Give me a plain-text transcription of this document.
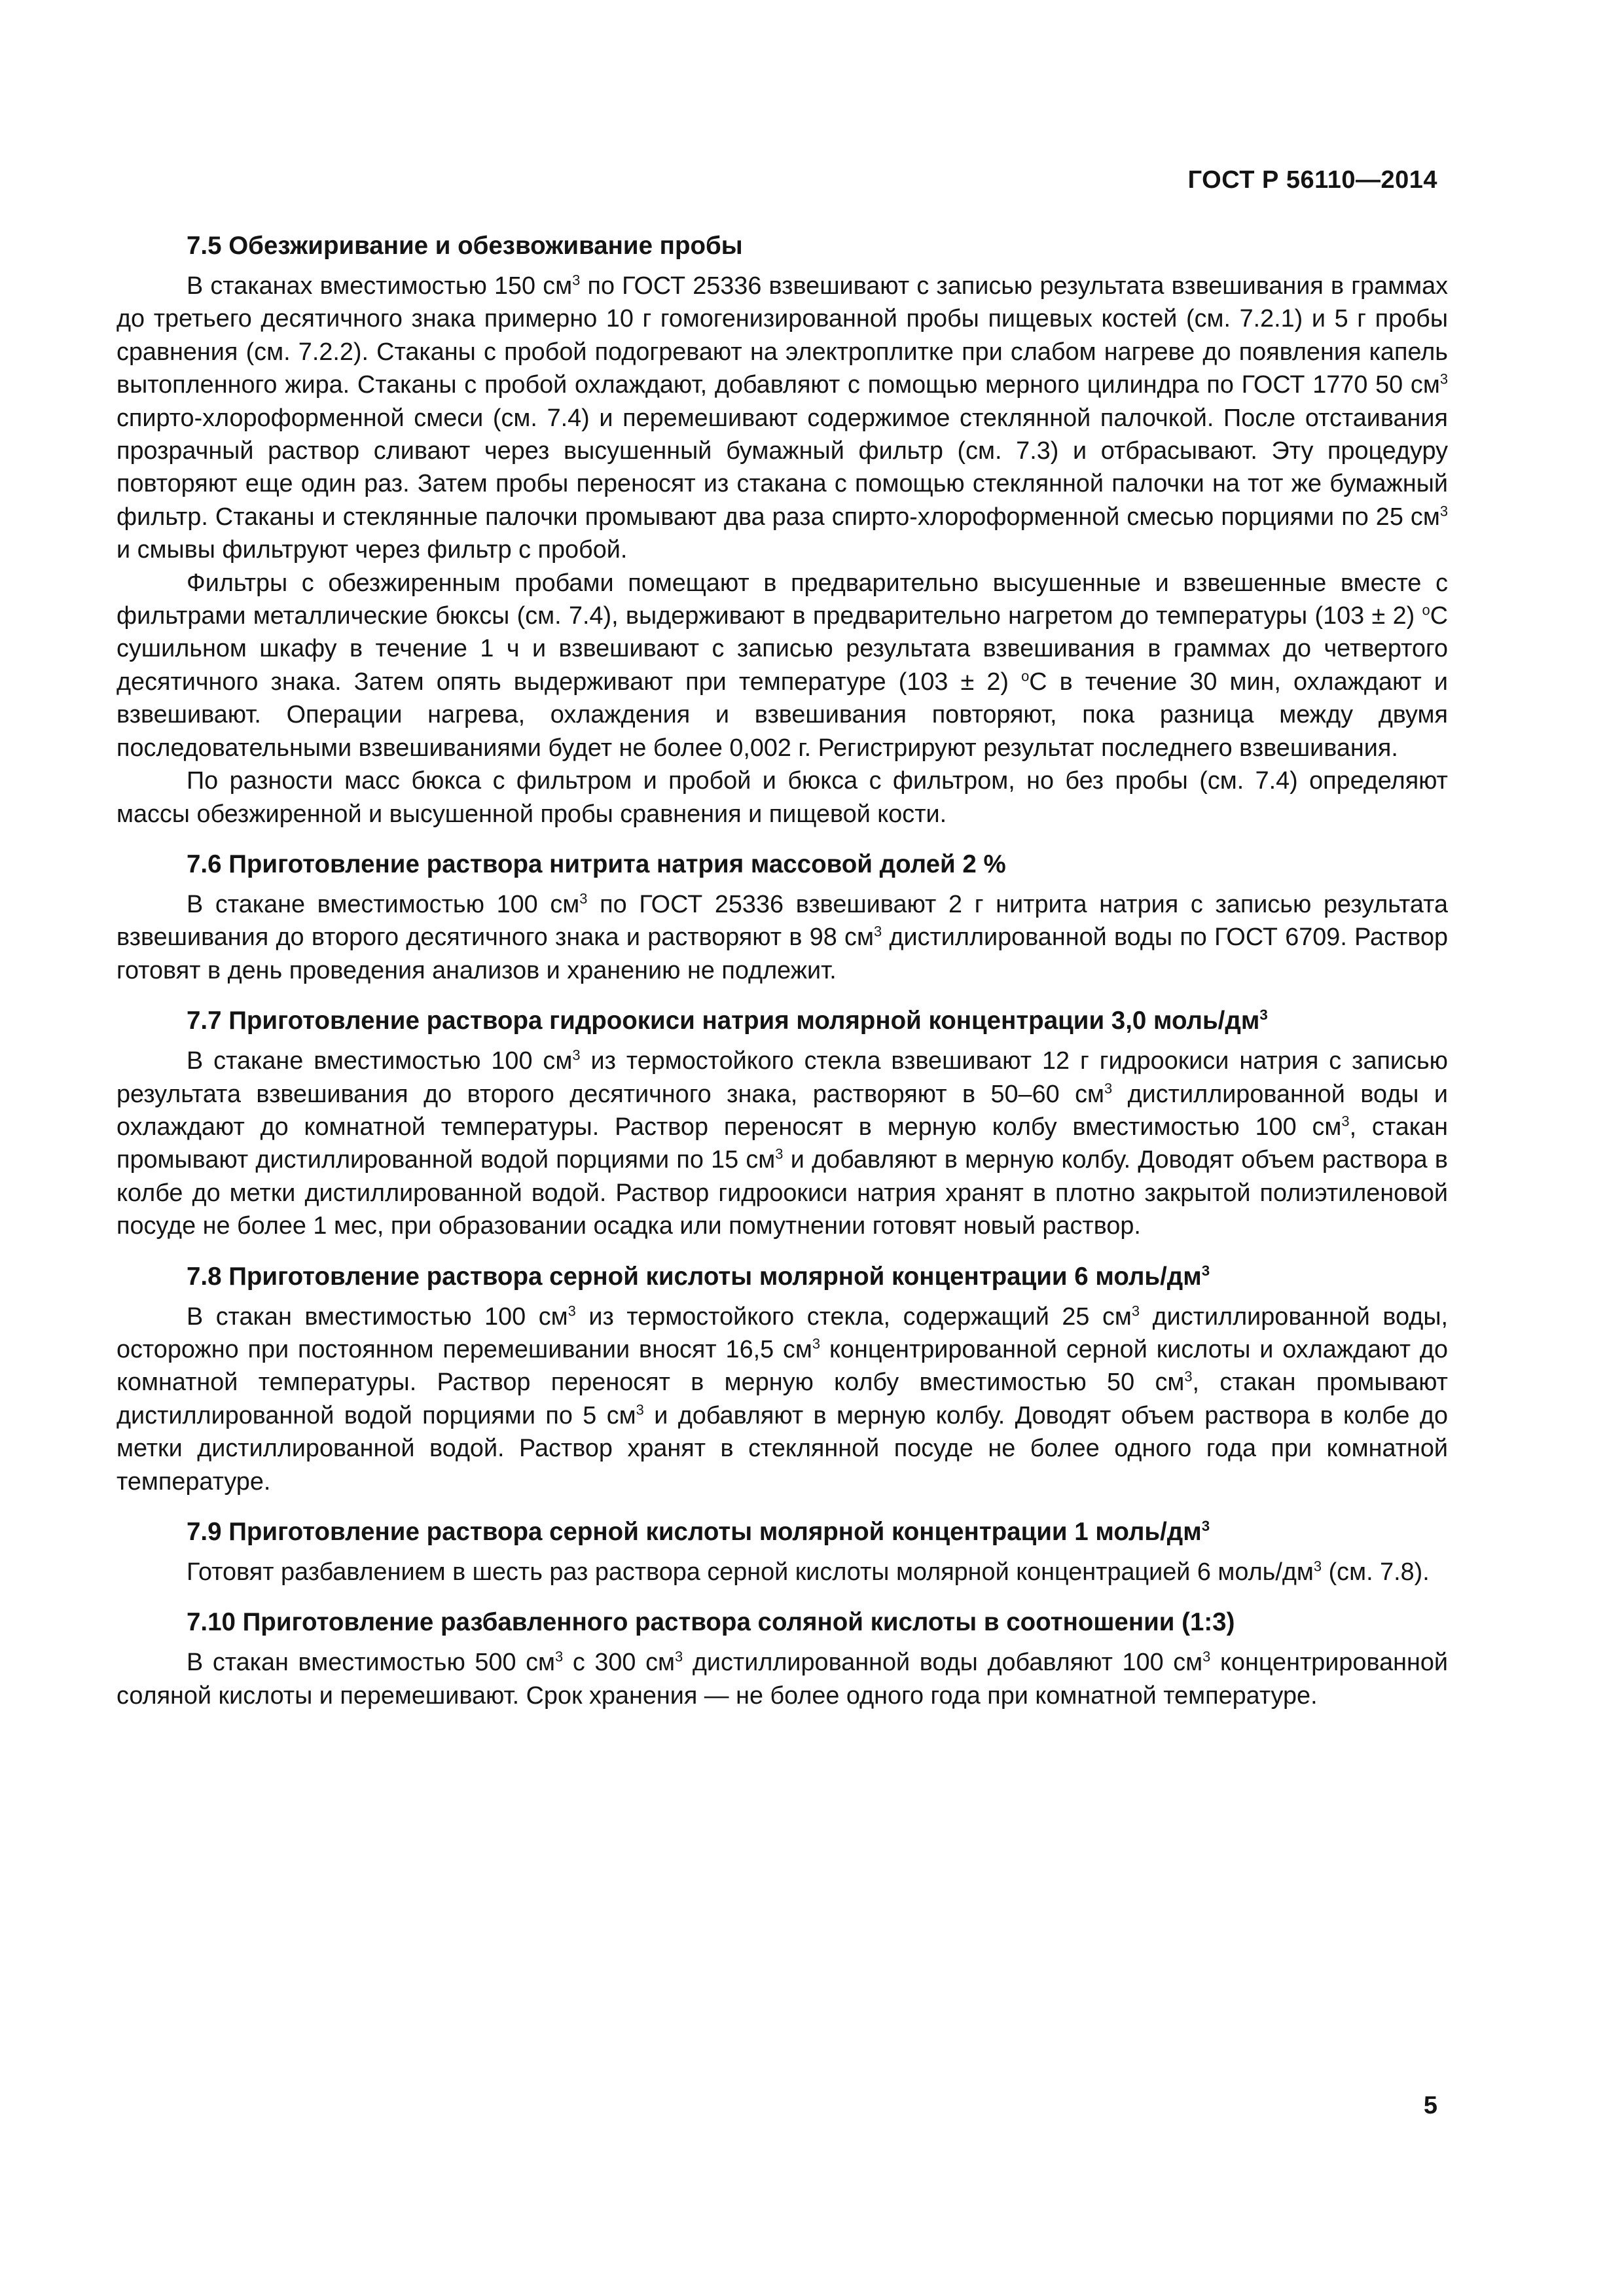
ГОСТ Р 56110—2014
7.5 Обезжиривание и обезвоживание пробы

В стаканах вместимостью 150 $см^3$ по ГОСТ 25336 взвешивают с записью результата взвешивания в граммах до третьего десятичного знака примерно 10 г гомогенизированной пробы пищевых костей (см. 7.2.1) и 5 г пробы сравнения (см. 7.2.2). Стаканы с пробой подогревают на электроплитке при слабом нагреве до появления капель вытопленного жира. Стаканы с пробой охлаждают, добавляют с помощью мерного цилиндра по ГОСТ 1770 50 $см^3$ спирто-хлороформенной смеси (см. 7.4) и перемешивают содержимое стеклянной палочкой. После отстаивания прозрачный раствор сливают через высушенный бумажный фильтр (см. 7.3) и отбрасывают. Эту процедуру повторяют еще один раз. Затем пробы переносят из стакана с помощью стеклянной палочки на тот же бумажный фильтр. Стаканы и стеклянные палочки промывают два раза спирто-хлороформенной смесью порциями по 25 $см^3$ и смывы фильтруют через фильтр с пробой.

Фильтры с обезжиренным пробами помещают в предварительно высушенные и взвешенные вместе с фильтрами металлические бюксы (см. 7.4), выдерживают в предварительно нагретом до температуры (103 ± 2) $^о$С сушильном шкафу в течение 1 ч и взвешивают с записью результата взвешивания в граммах до четвертого десятичного знака. Затем опять выдерживают при температуре (103 ± 2) $^о$С в течение 30 мин, охлаждают и взвешивают. Операции нагрева, охлаждения и взвешивания повторяют, пока разница между двумя последовательными взвешиваниями будет не более 0,002 г. Регистрируют результат последнего взвешивания.

По разности масс бюкса с фильтром и пробой и бюкса с фильтром, но без пробы (см. 7.4) определяют массы обезжиренной и высушенной пробы сравнения и пищевой кости.

7.6 Приготовление раствора нитрита натрия массовой долей 2 %

В стакане вместимостью 100 $см^3$ по ГОСТ 25336 взвешивают 2 г нитрита натрия с записью результата взвешивания до второго десятичного знака и растворяют в 98 $см^3$ дистиллированной воды по ГОСТ 6709. Раствор готовят в день проведения анализов и хранению не подлежит.

7.7 Приготовление раствора гидроокиси натрия молярной концентрации 3,0 моль/$дм^3$

В стакане вместимостью 100 $см^3$ из термостойкого стекла взвешивают 12 г гидроокиси натрия с записью результата взвешивания до второго десятичного знака, растворяют в 50–60 $см^3$ дистиллированной воды и охлаждают до комнатной температуры. Раствор переносят в мерную колбу вместимостью 100 $см^3$, стакан промывают дистиллированной водой порциями по 15 $см^3$ и добавляют в мерную колбу. Доводят объем раствора в колбе до метки дистиллированной водой. Раствор гидроокиси натрия хранят в плотно закрытой полиэтиленовой посуде не более 1 мес, при образовании осадка или помутнении готовят новый раствор.

7.8 Приготовление раствора серной кислоты молярной концентрации 6 моль/$дм^3$

В стакан вместимостью 100 $см^3$ из термостойкого стекла, содержащий 25 $см^3$ дистиллированной воды, осторожно при постоянном перемешивании вносят 16,5 $см^3$ концентрированной серной кислоты и охлаждают до комнатной температуры. Раствор переносят в мерную колбу вместимостью 50 $см^3$, стакан промывают дистиллированной водой порциями по 5 $см^3$ и добавляют в мерную колбу. Доводят объем раствора в колбе до метки дистиллированной водой. Раствор хранят в стеклянной посуде не более одного года при комнатной температуре.

7.9 Приготовление раствора серной кислоты молярной концентрации 1 моль/$дм^3$

Готовят разбавлением в шесть раз раствора серной кислоты молярной концентрацией 6 моль/$дм^3$ (см. 7.8).

7.10 Приготовление разбавленного раствора соляной кислоты в соотношении (1:3)

В стакан вместимостью 500 $см^3$ с 300 $см^3$ дистиллированной воды добавляют 100 $см^3$ концентрированной соляной кислоты и перемешивают. Срок хранения — не более одного года при комнатной температуре.

5
